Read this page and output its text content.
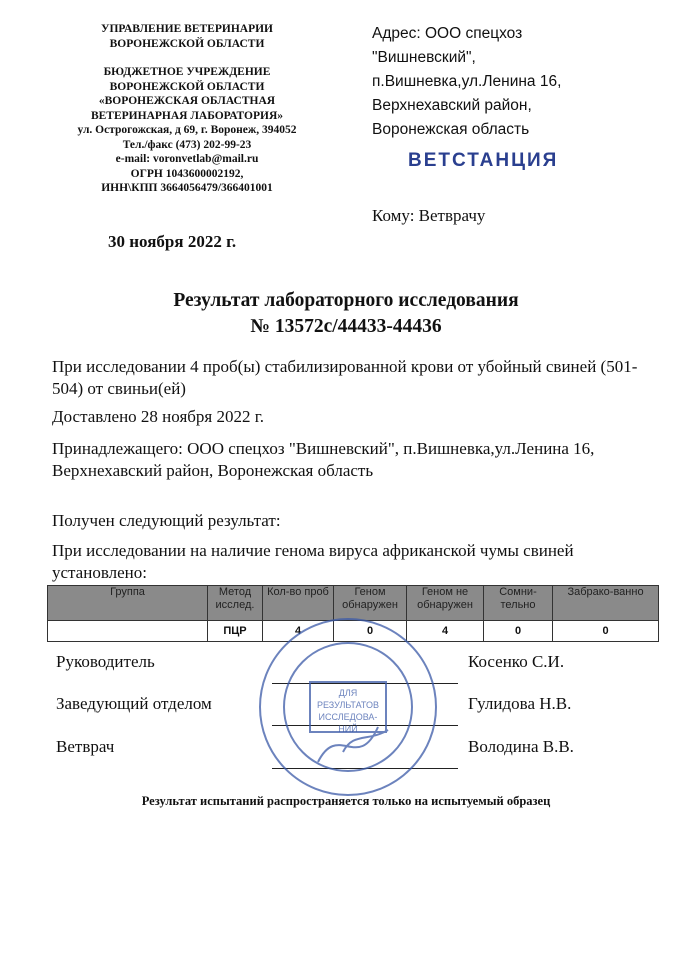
УПРАВЛЕНИЕ ВЕТЕРИНАРИИ
ВОРОНЕЖСКОЙ ОБЛАСТИ
БЮДЖЕТНОЕ УЧРЕЖДЕНИЕ
ВОРОНЕЖСКОЙ ОБЛАСТИ
«ВОРОНЕЖСКАЯ ОБЛАСТНАЯ
ВЕТЕРИНАРНАЯ ЛАБОРАТОРИЯ»
ул. Острогожская, д 69, г. Воронеж, 394052
Тел./факс (473) 202-99-23
e-mail: voronvetlab@mail.ru
ОГРН 1043600002192,
ИНН\КПП 3664056479/366401001
Адрес: ООО спецхоз
"Вишневский",
п.Вишневка,ул.Ленина 16,
Верхнехавский район,
Воронежская область
ВЕТСТАНЦИЯ
Кому: Ветврачу
30 ноября 2022 г.
Результат лабораторного исследования
№ 13572с/44433-44436
При исследовании 4 проб(ы) стабилизированной крови от убойный свиней (501-504) от свиньи(ей)
Доставлено 28 ноября 2022 г.
Принадлежащего: ООО спецхоз "Вишневский", п.Вишневка,ул.Ленина 16, Верхнехавский район, Воронежская область
Получен следующий результат:
При исследовании на наличие генома вируса африканской чумы свиней установлено:
Группа	Метод исслед.	Кол-во проб	Геном обнаружен	Геном не обнаружен	Сомни-тельно	Забрако-ванно
	ПЦР	4	0	4	0	0
Руководитель	Косенко С.И.
Заведующий отделом	Гулидова Н.В.
Ветврач	Володина В.В.
ДЛЯ
РЕЗУЛЬТАТОВ
ИССЛЕДОВА-
НИЙ
Результат испытаний распространяется только на испытуемый образец
